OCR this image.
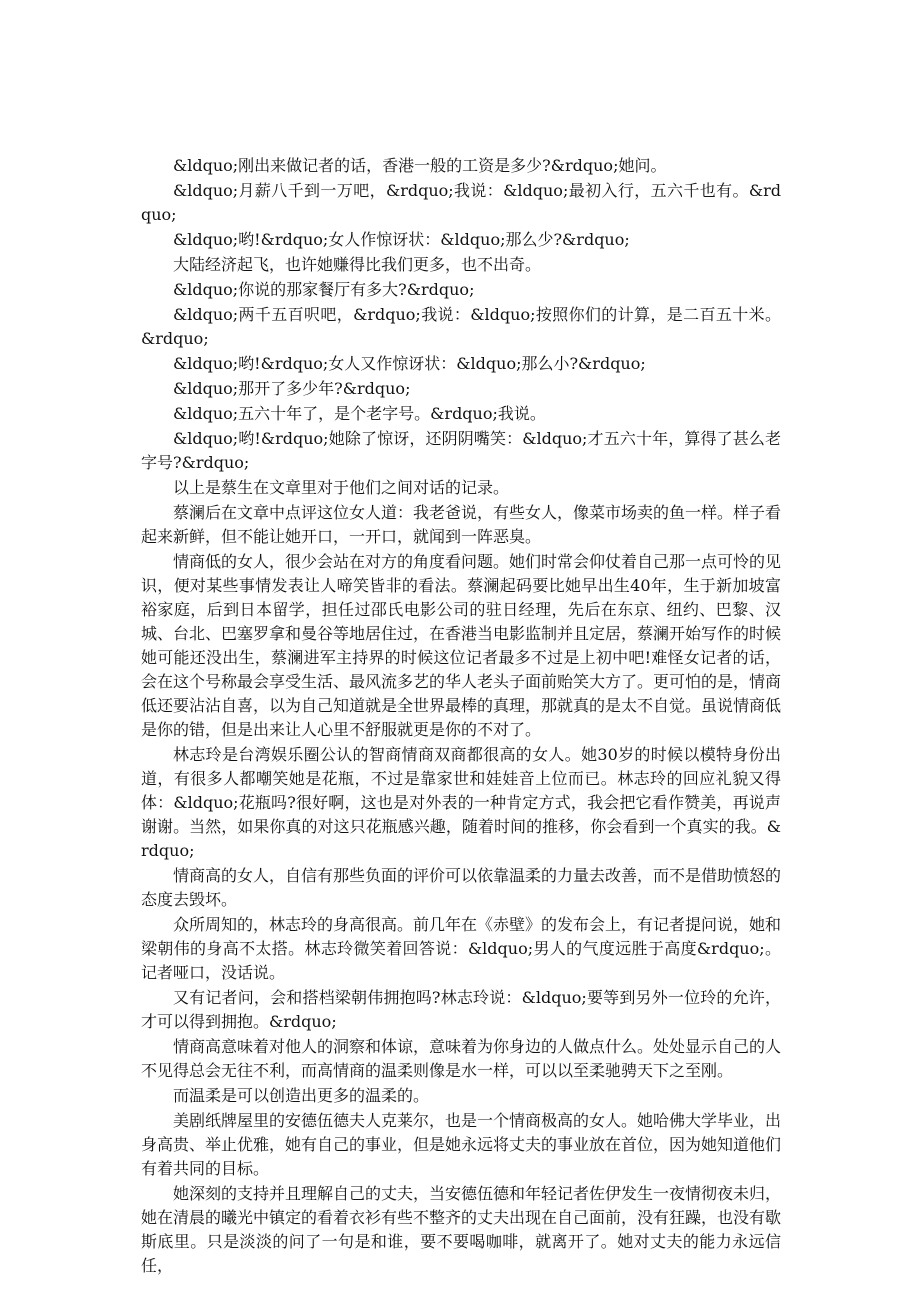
&ldquo;刚出来做记者的话，香港一般的工资是多少?&rdquo;她问。

&ldquo;月薪八千到一万吧，&rdquo;我说：&ldquo;最初入行，五六千也有。&rdquo;

&ldquo;哟!&rdquo;女人作惊讶状：&ldquo;那么少?&rdquo;

大陆经济起飞，也许她赚得比我们更多，也不出奇。

&ldquo;你说的那家餐厅有多大?&rdquo;

&ldquo;两千五百呎吧，&rdquo;我说：&ldquo;按照你们的计算，是二百五十米。&rdquo;

&ldquo;哟!&rdquo;女人又作惊讶状：&ldquo;那么小?&rdquo;

&ldquo;那开了多少年?&rdquo;

&ldquo;五六十年了，是个老字号。&rdquo;我说。

&ldquo;哟!&rdquo;她除了惊讶，还阴阴嘴笑：&ldquo;才五六十年，算得了甚么老字号?&rdquo;

以上是蔡生在文章里对于他们之间对话的记录。

蔡澜后在文章中点评这位女人道：我老爸说，有些女人，像菜市场卖的鱼一样。样子看起来新鲜，但不能让她开口，一开口，就闻到一阵恶臭。

情商低的女人，很少会站在对方的角度看问题。她们时常会仰仗着自己那一点可怜的见识，便对某些事情发表让人啼笑皆非的看法。蔡澜起码要比她早出生40年，生于新加坡富裕家庭，后到日本留学，担任过邵氏电影公司的驻日经理，先后在东京、纽约、巴黎、汉城、台北、巴塞罗拿和曼谷等地居住过，在香港当电影监制并且定居，蔡澜开始写作的时候她可能还没出生，蔡澜进军主持界的时候这位记者最多不过是上初中吧!难怪女记者的话，会在这个号称最会享受生活、最风流多艺的华人老头子面前贻笑大方了。更可怕的是，情商低还要沾沾自喜，以为自己知道就是全世界最棒的真理，那就真的是太不自觉。虽说情商低是你的错，但是出来让人心里不舒服就更是你的不对了。

林志玲是台湾娱乐圈公认的智商情商双商都很高的女人。她30岁的时候以模特身份出道，有很多人都嘲笑她是花瓶，不过是靠家世和娃娃音上位而已。林志玲的回应礼貌又得体：&ldquo;花瓶吗?很好啊，这也是对外表的一种肯定方式，我会把它看作赞美，再说声谢谢。当然，如果你真的对这只花瓶感兴趣，随着时间的推移，你会看到一个真实的我。&rdquo;

情商高的女人，自信有那些负面的评价可以依靠温柔的力量去改善，而不是借助愤怒的态度去毁坏。

众所周知的，林志玲的身高很高。前几年在《赤壁》的发布会上，有记者提问说，她和梁朝伟的身高不太搭。林志玲微笑着回答说：&ldquo;男人的气度远胜于高度&rdquo;。记者哑口，没话说。

又有记者问，会和搭档梁朝伟拥抱吗?林志玲说：&ldquo;要等到另外一位玲的允许，才可以得到拥抱。&rdquo;

情商高意味着对他人的洞察和体谅，意味着为你身边的人做点什么。处处显示自己的人不见得总会无往不利，而高情商的温柔则像是水一样，可以以至柔驰骋天下之至刚。

而温柔是可以创造出更多的温柔的。

美剧纸牌屋里的安德伍德夫人克莱尔，也是一个情商极高的女人。她哈佛大学毕业，出身高贵、举止优雅，她有自己的事业，但是她永远将丈夫的事业放在首位，因为她知道他们有着共同的目标。

她深刻的支持并且理解自己的丈夫，当安德伍德和年轻记者佐伊发生一夜情彻夜未归，她在清晨的曦光中镇定的看着衣衫有些不整齐的丈夫出现在自己面前，没有狂躁，也没有歇斯底里。只是淡淡的问了一句是和谁，要不要喝咖啡，就离开了。她对丈夫的能力永远信任，
